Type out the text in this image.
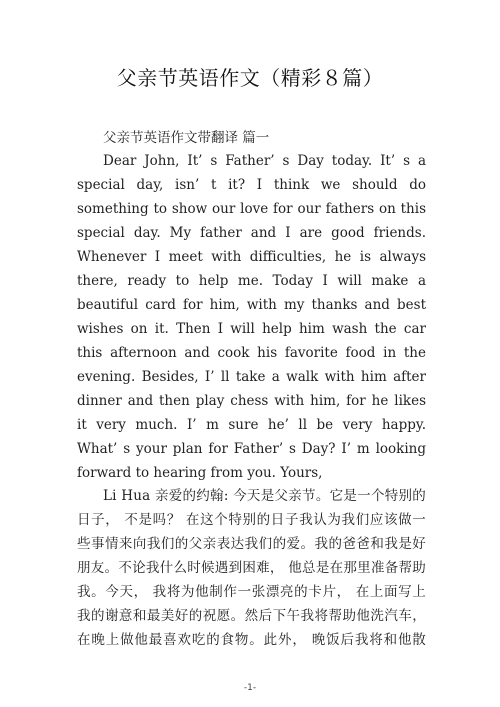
父亲节英语作文（精彩８篇）
父亲节英语作文带翻译 篇一
Dear John, It’ s Father’ s Day today. It’ s a
special day, isn’ t it? I think we should do
something to show our love for our fathers on this
special day. My father and I are good friends.
Whenever I meet with difficulties, he is always
there, ready to help me. Today I will make a
beautiful card for him, with my thanks and best
wishes on it. Then I will help him wash the car
this afternoon and cook his favorite food in the
evening. Besides, I’ ll take a walk with him after
dinner and then play chess with him, for he likes
it very much. I’ m sure he’ ll be very happy.
What’ s your plan for Father’ s Day? I’ m looking
forward to hearing from you. Yours,
Li Hua 亲爱的约翰: 今天是父亲节。它是一个特别的
日子， 不是吗？ 在这个特别的日子我认为我们应该做一
些事情来向我们的父亲表达我们的爱。我的爸爸和我是好
朋友。不论我什么时候遇到困难， 他总是在那里准备帮助
我。今天， 我将为他制作一张漂亮的卡片， 在上面写上
我的谢意和最美好的祝愿。然后下午我将帮助他洗汽车，
在晚上做他最喜欢吃的食物。此外， 晚饭后我将和他散
-1-
